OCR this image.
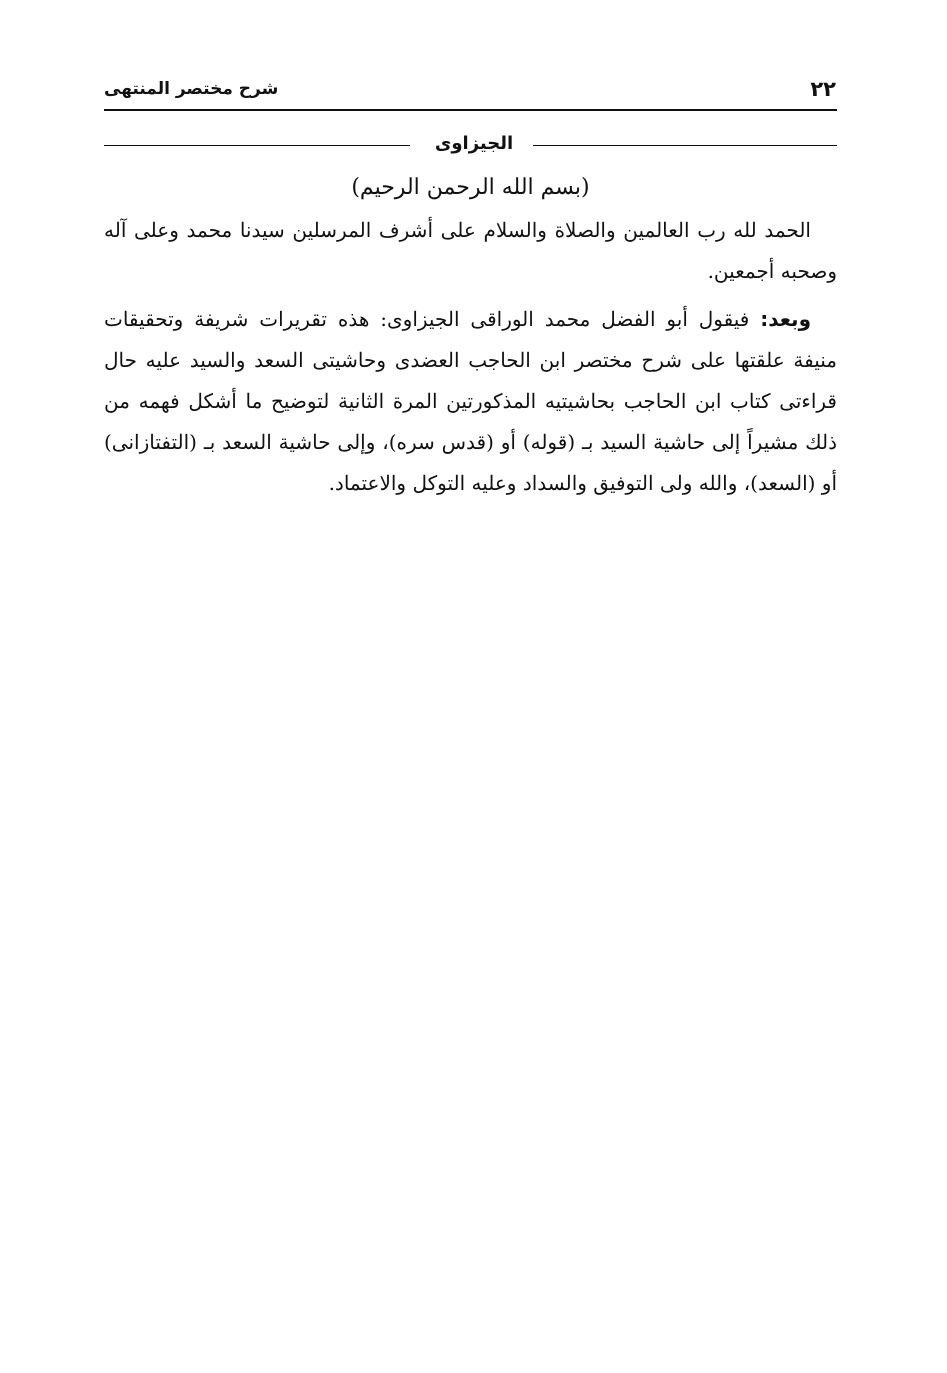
٢٢
شرح مختصر المنتهى
الجيزاوى
(بسم الله الرحمن الرحيم)

الحمد لله رب العالمين والصلاة والسلام على أشرف المرسلين سيدنا محمد وعلى آله وصحبه أجمعين.

وبعد: فيقول أبو الفضل محمد الوراقى الجيزاوى: هذه تقريرات شريفة وتحقيقات منيفة علقتها على شرح مختصر ابن الحاجب العضدى وحاشيتى السعد والسيد عليه حال قراءتى كتاب ابن الحاجب بحاشيتيه المذكورتين المرة الثانية لتوضيح ما أشكل فهمه من ذلك مشيراً إلى حاشية السيد بـ (قوله) أو (قدس سره)، وإلى حاشية السعد بـ (التفتازانى) أو (السعد)، والله ولى التوفيق والسداد وعليه التوكل والاعتماد.
